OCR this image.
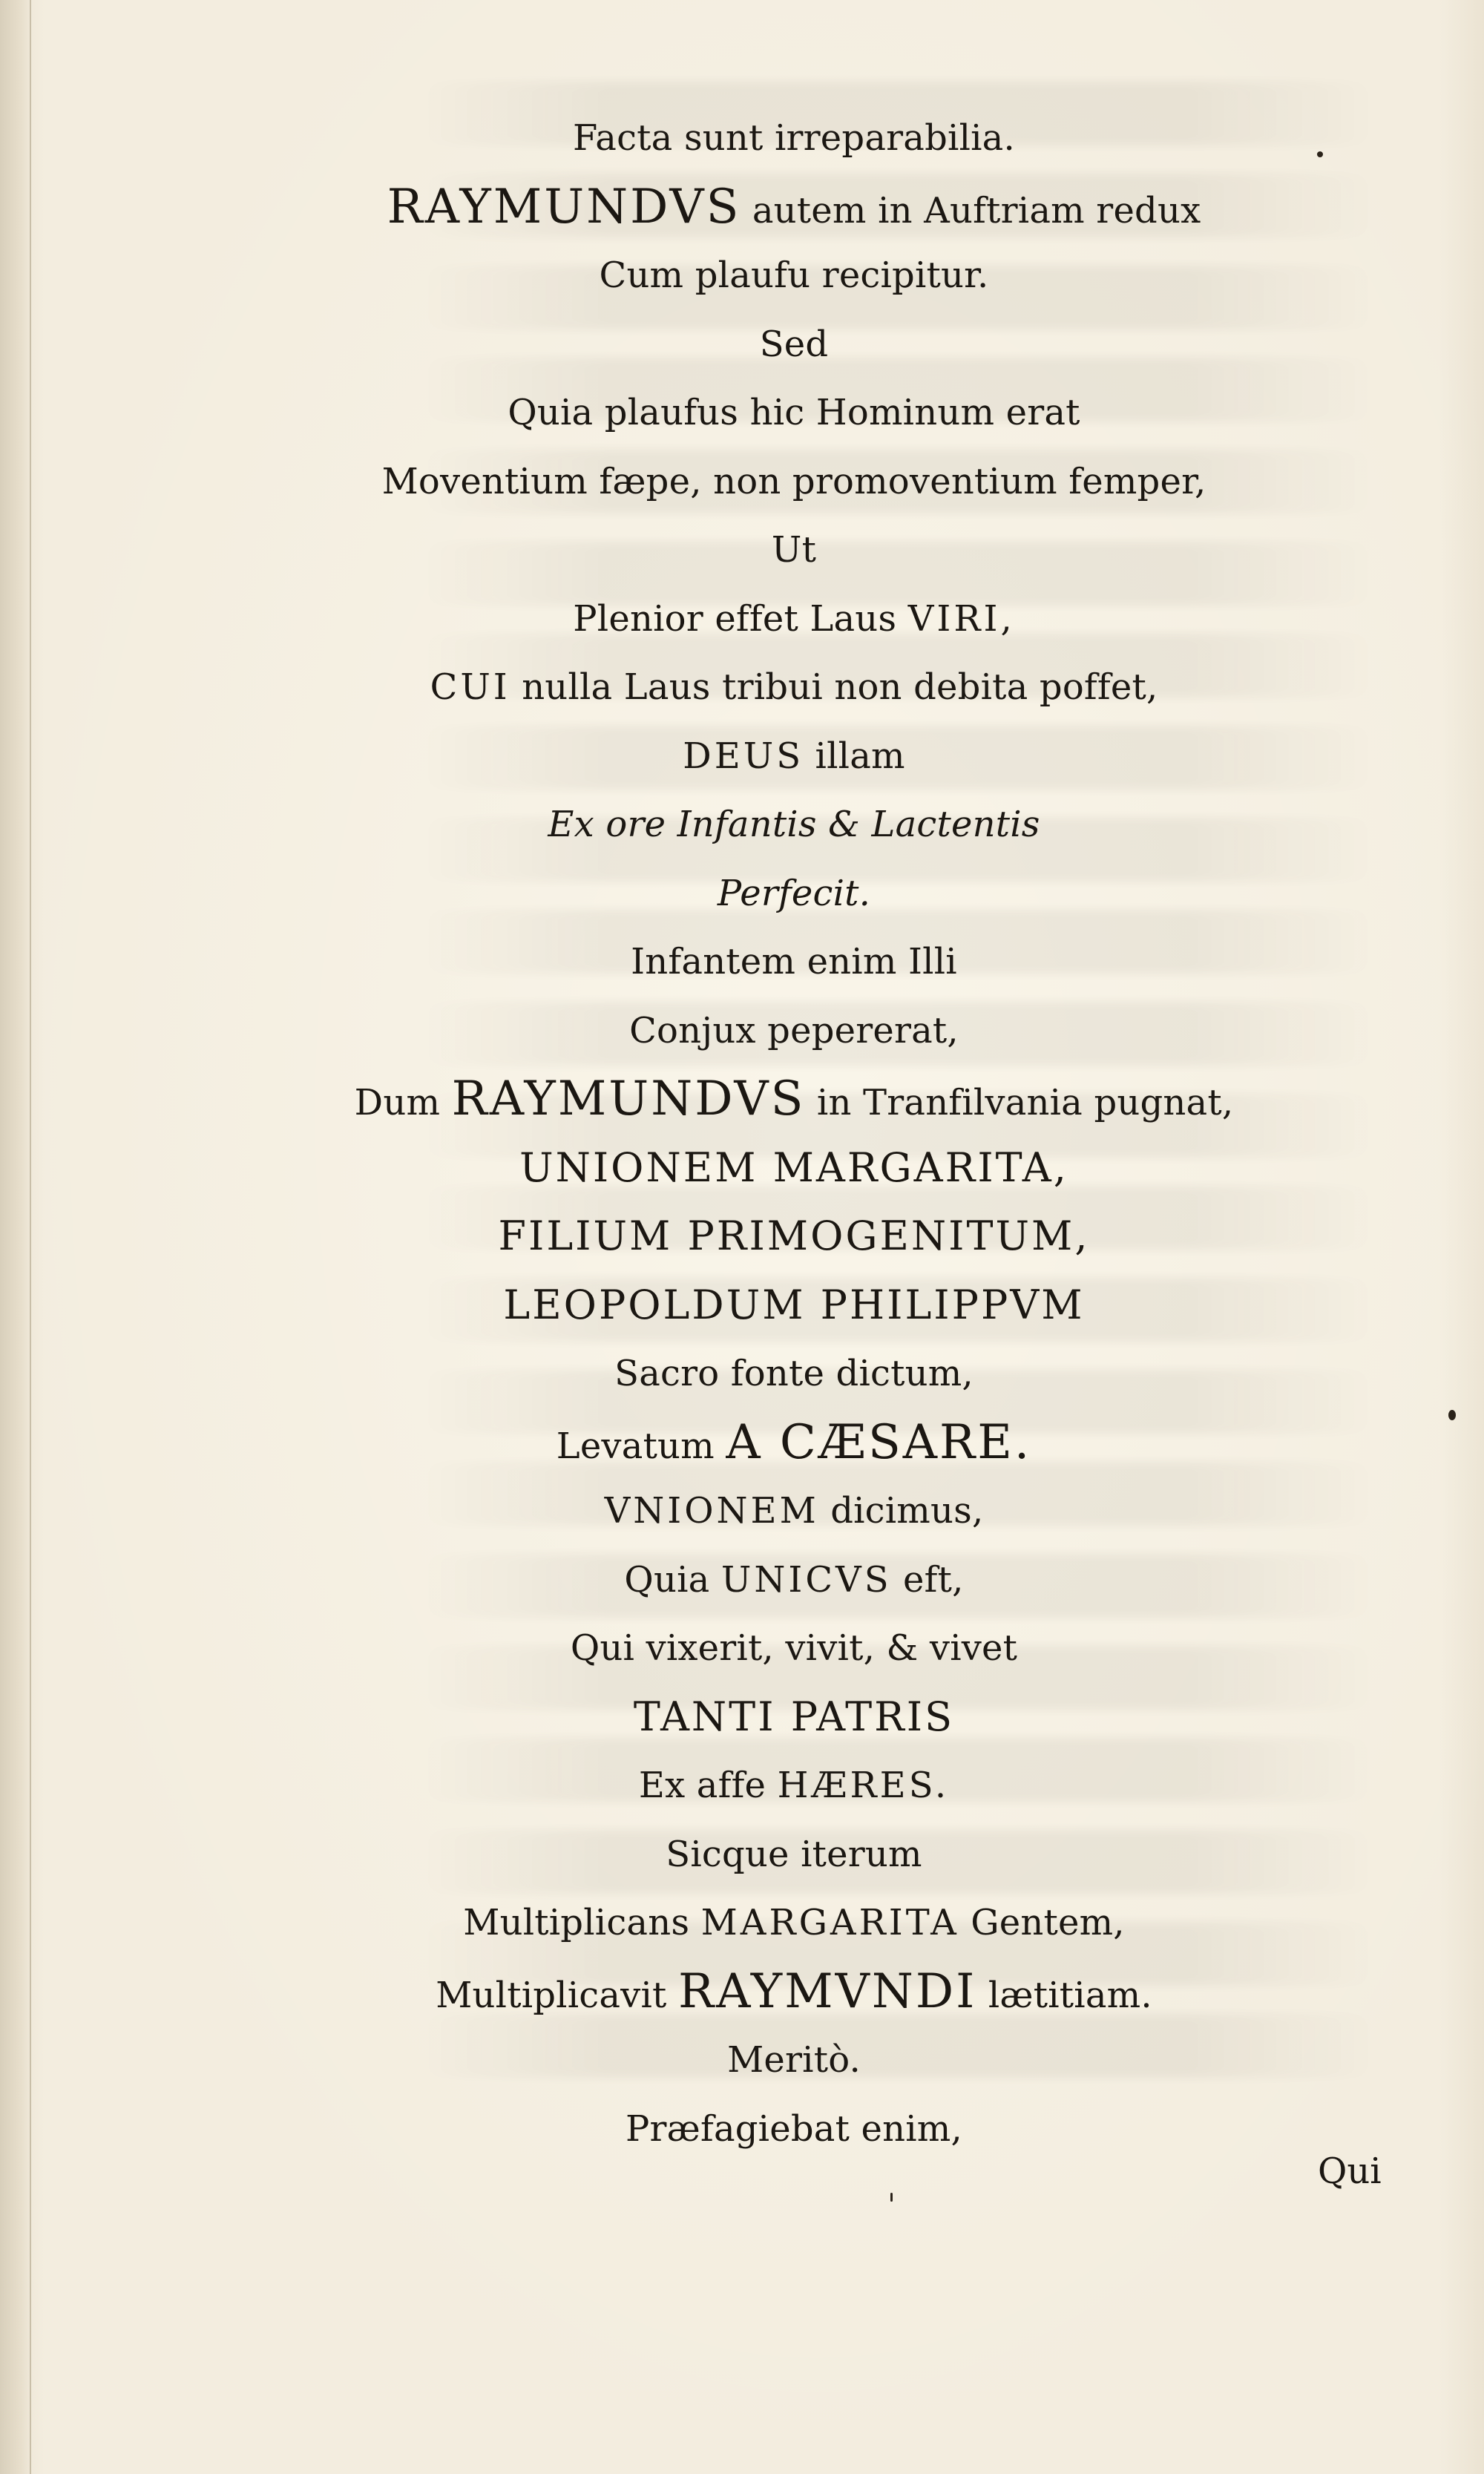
Facta sunt irreparabilia.
RAYMUNDVS autem in Auftriam redux
Cum plaufu recipitur.
Sed
Quia plaufus hic Hominum erat
Moventium fæpe, non promoventium femper,
Ut
Plenior effet Laus VIRI,
CUI nulla Laus tribui non debita poffet,
DEUS illam
Ex ore Infantis & Lactentis
Perfecit.
Infantem enim Illi
Conjux pepererat,
Dum RAYMUNDVS in Tranfilvania pugnat,
UNIONEM MARGARITA,
FILIUM PRIMOGENITUM,
LEOPOLDUM PHILIPPVM
Sacro fonte dictum,
Levatum A CÆSARE.
VNIONEM dicimus,
Quia UNICVS eft,
Qui vixerit, vivit, & vivet
TANTI PATRIS
Ex affe HÆRES.
Sicque iterum
Multiplicans MARGARITA Gentem,
Multiplicavit RAYMVNDI lætitiam.
Meritò.
Præfagiebat enim,
Qui
